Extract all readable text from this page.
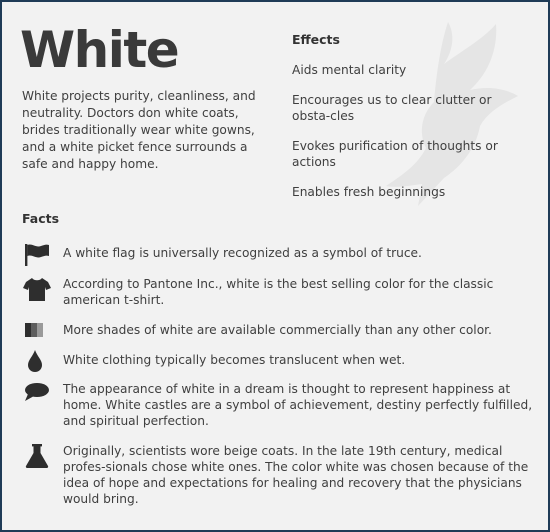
White
White projects purity, cleanliness, and neutrality. Doctors don white coats, brides traditionally wear white gowns, and a white picket fence surrounds a safe and happy home.
Effects
Aids mental clarity
Encourages us to clear clutter or obsta-cles
Evokes purification of thoughts or actions
Enables fresh beginnings
Facts
A white flag is universally recognized as a symbol of truce.
According to Pantone Inc., white is the best selling color for the classic american t-shirt.
More shades of white are available commercially than any other color.
White clothing typically becomes translucent when wet.
The appearance of white in a dream is thought to represent happiness at home. White castles are a symbol of achievement, destiny perfectly fulfilled, and spiritual perfection.
Originally, scientists wore beige coats. In the late 19th century, medical profes-sionals chose white ones. The color white was chosen because of the idea of hope and expectations for healing and recovery that the physicians would bring.
